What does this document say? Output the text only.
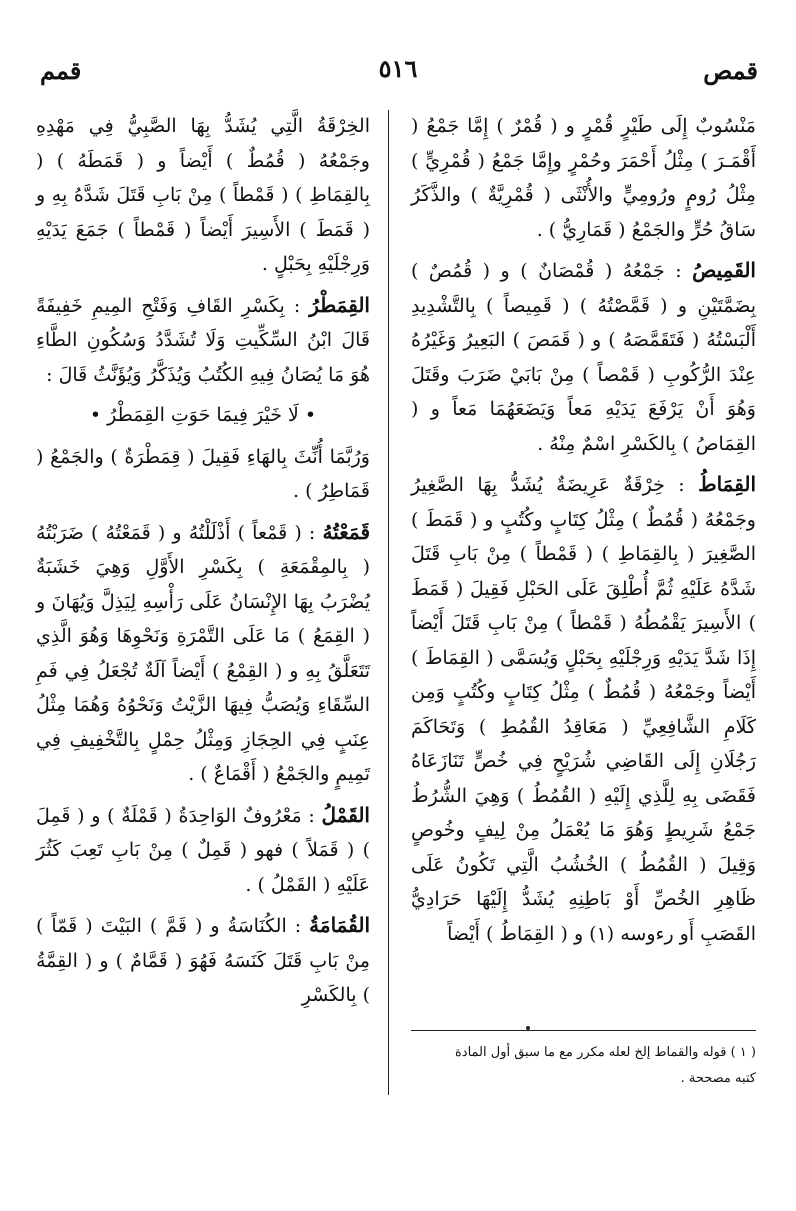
قمص
٥١٦
قمم

مَنْسُوبٌ إِلَى طَيْرٍ قُمْرٍ و ( قُمْرٌ ) إِمَّا جَمْعُ ( أَقْمَـرَ ) مِثْلُ أَحْمَرَ وحُمْرٍ وإِمَّا جَمْعُ ( قُمْرِيٍّ ) مِثْلُ رُومٍ ورُومِيٍّ والأُنْثَى ( قُمْرِيَّةٌ ) والذَّكَرُ سَاقُ حُرٍّ والجَمْعُ ( قَمَارِيُّ ) .

القَمِيصُ : جَمْعُهُ ( قُمْصَانٌ ) و ( قُمُصٌ ) بِضَمَّتَيْنِ و ( قَمَّصْتُهُ ) ( قَمِيصاً ) بِالتَّشْدِيدِ أَلْبَسْتُهُ ( فَتَقَمَّصَهُ ) و ( قَمَصَ ) البَعِيرُ وَغَيْرُهُ عِنْدَ الرُّكُوبِ ( قَمْصاً ) مِنْ بَابَيْ ضَرَبَ وقَتَلَ وَهُوَ أَنْ يَرْفَعَ يَدَيْهِ مَعاً وَيَضَعَهُمَا مَعاً و ( القِمَاصُ ) بِالكَسْرِ اسْمٌ مِنْهُ .

القِمَاطُ : خِرْقَةٌ عَرِيضَةٌ يُشَدُّ بِهَا الصَّغِيرُ وجَمْعُهُ ( قُمُطٌ ) مِثْلُ كِتَابٍ وكُتُبٍ و ( قَمَطَ ) الصَّغِيرَ ( بِالقِمَاطِ ) ( قَمْطاً ) مِنْ بَابِ قَتَلَ شَدَّهُ عَلَيْهِ ثُمَّ أُطْلِقَ عَلَى الحَبْلِ فَقِيلَ ( قَمَطَ ) الأَسِيرَ يَقْمُطُهُ ( قَمْطاً ) مِنْ بَابِ قَتَلَ أَيْضاً إِذَا شَدَّ يَدَيْهِ وَرِجْلَيْهِ بِحَبْلٍ وَيُسَمَّى ( القِمَاطَ ) أَيْضاً وجَمْعُهُ ( قُمُطٌ ) مِثْلُ كِتَابٍ وكُتُبٍ وَمِن كَلَامِ الشَّافِعِيِّ ( مَعَاقِدُ القُمُطِ ) وَتَحَاكَمَ رَجُلَانِ إِلَى القَاضِي شُرَيْحٍ فِي خُصٍّ تَنَازَعَاهُ فَقَضَى بِهِ لِلَّذِي إِلَيْهِ ( القُمُطُ ) وَهِيَ الشُّرُطُ جَمْعُ شَرِيطٍ وَهُوَ مَا يُعْمَلُ مِنْ لِيفٍ وخُوصٍ وَقِيلَ ( القُمُطُ ) الخُشُبُ الَّتِي تَكُونُ عَلَى ظَاهِرِ الخُصِّ أَوْ بَاطِنِهِ يُشَدُّ إِلَيْهَا حَرَادِيُّ القَصَبِ أَو رءوسه (١) و ( القِمَاطُ ) أَيْضاً

الخِرْقَةُ الَّتِي يُشَدُّ بِهَا الصَّبِيُّ فِي مَهْدِهِ وجَمْعُهُ ( قُمُطٌ ) أَيْضاً و ( قَمَطَهُ ) ( بِالقِمَاطِ ) ( قَمْطاً ) مِنْ بَابِ قَتَلَ شَدَّهُ بِهِ و ( قَمَطَ ) الأَسِيرَ أَيْضاً ( قَمْطاً ) جَمَعَ يَدَيْهِ وَرِجْلَيْهِ بِحَبْلٍ .

القِمَطْرُ : بِكَسْرِ القَافِ وَفَتْحِ المِيمِ خَفِيفَةً قَالَ ابْنُ السِّكِّيتِ وَلَا تُشَدَّدُ وَسُكُونِ الطَّاءِ هُوَ مَا يُصَانُ فِيهِ الكُتُبُ وَيُذَكَّرُ وَيُؤَنَّثُ قَالَ :

• لَا خَيْرَ فِيمَا حَوَتِ القِمَطْرُ •

وَرُبَّمَا أُنِّثَ بِالهَاءِ فَقِيلَ ( قِمَطْرَةٌ ) والجَمْعُ ( قَمَاطِرُ ) .

قَمَعْتُهُ : ( قَمْعاً ) أَذْلَلْتُهُ و ( قَمَعْتُهُ ) ضَرَبْتُهُ ( بِالمِقْمَعَةِ ) بِكَسْرِ الأَوَّلِ وَهِيَ خَشَبَةٌ يُضْرَبُ بِهَا الإِنْسَانُ عَلَى رَأْسِهِ لِيَذِلَّ وَيُهَانَ و ( القِمَعُ ) مَا عَلَى التَّمْرَةِ وَنَحْوِهَا وَهُوَ الَّذِي تَتَعَلَّقُ بِهِ و ( القِمْعُ ) أَيْضاً آلَةٌ تُجْعَلُ فِي فَمِ السِّقَاءِ وَيُصَبُّ فِيهَا الزَّيْتُ وَنَحْوُهُ وَهُمَا مِثْلُ عِنَبٍ فِي الحِجَازِ وَمِثْلُ حِمْلٍ بِالتَّخْفِيفِ فِي تَمِيمٍ والجَمْعُ ( أَقْمَاعٌ ) .

القَمْلُ : مَعْرُوفٌ الوَاحِدَةُ ( قَمْلَةٌ ) و ( قَمِلَ ) ( قَمَلاً ) فهو ( قَمِلٌ ) مِنْ بَابِ تَعِبَ كَثُرَ عَلَيْهِ ( القَمْلُ ) .

القُمَامَةُ : الكُنَاسَةُ و ( قَمَّ ) البَيْتَ ( قَمّاً ) مِنْ بَابِ قَتَلَ كَنَسَهُ فَهُوَ ( قَمَّامٌ ) و ( القِمَّةُ ) بِالكَسْرِ

( ١ ) قوله والقماط إلخ لعله مكرر مع ما سبق أول المادة
كتبه مصححة .
